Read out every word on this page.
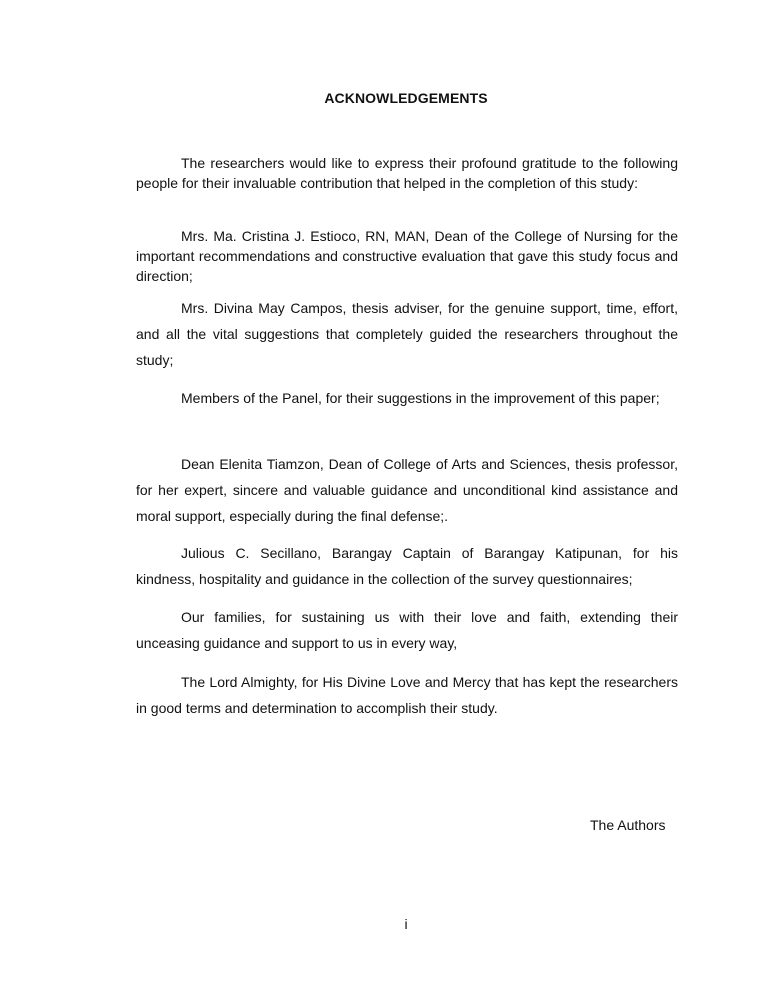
ACKNOWLEDGEMENTS

The researchers would like to express their profound gratitude to the following people for their invaluable contribution that helped in the completion of this study:

Mrs. Ma. Cristina J. Estioco, RN, MAN, Dean of the College of Nursing for the important recommendations and constructive evaluation that gave this study focus and direction;

Mrs. Divina May Campos, thesis adviser, for the genuine support, time, effort, and all the vital suggestions that completely guided the researchers throughout the study;

Members of the Panel, for their suggestions in the improvement of this paper;

Dean Elenita Tiamzon, Dean of College of Arts and Sciences, thesis professor, for her expert, sincere and valuable guidance and unconditional kind assistance and moral support, especially during the final defense;.

Julious C. Secillano, Barangay Captain of Barangay Katipunan, for his kindness, hospitality and guidance in the collection of the survey questionnaires;

Our families, for sustaining us with their love and faith, extending their unceasing guidance and support to us in every way,

The Lord Almighty, for His Divine Love and Mercy that has kept the researchers in good terms and determination to accomplish their study.

The Authors
i
